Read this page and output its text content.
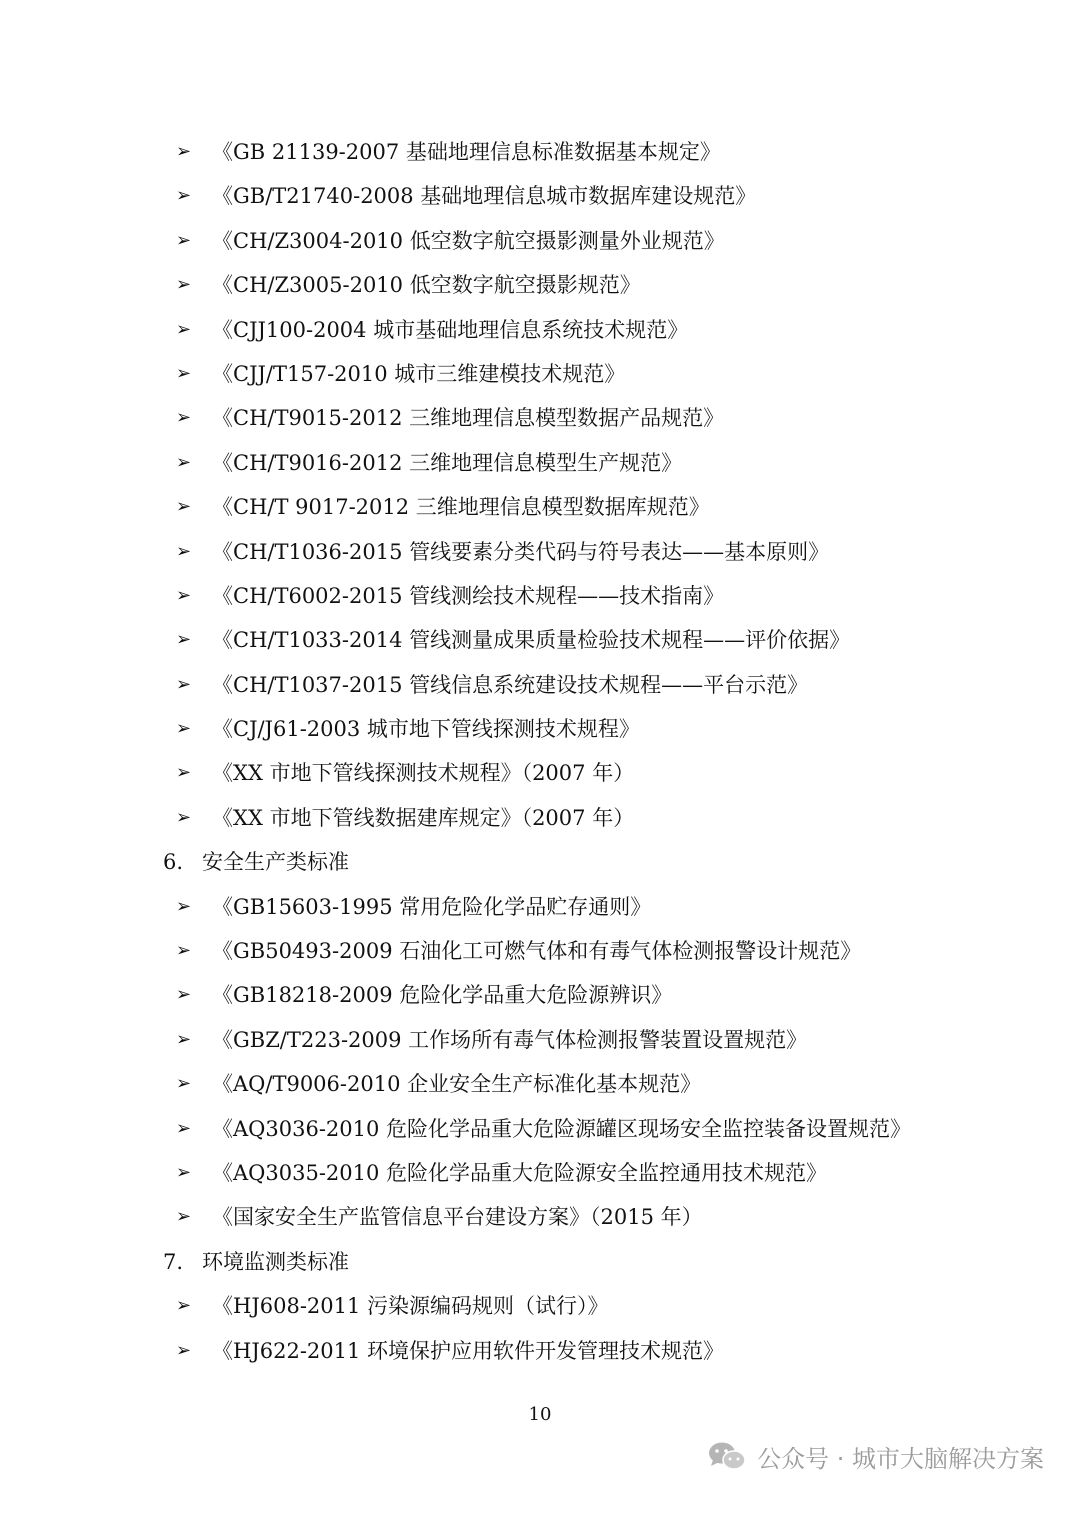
➢ 《GB 21139-2007 基础地理信息标准数据基本规定》
➢ 《GB/T21740-2008 基础地理信息城市数据库建设规范》
➢ 《CH/Z3004-2010 低空数字航空摄影测量外业规范》
➢ 《CH/Z3005-2010 低空数字航空摄影规范》
➢ 《CJJ100-2004 城市基础地理信息系统技术规范》
➢ 《CJJ/T157-2010 城市三维建模技术规范》
➢ 《CH/T9015-2012 三维地理信息模型数据产品规范》
➢ 《CH/T9016-2012 三维地理信息模型生产规范》
➢ 《CH/T 9017-2012 三维地理信息模型数据库规范》
➢ 《CH/T1036-2015 管线要素分类代码与符号表达——基本原则》
➢ 《CH/T6002-2015 管线测绘技术规程——技术指南》
➢ 《CH/T1033-2014 管线测量成果质量检验技术规程——评价依据》
➢ 《CH/T1037-2015 管线信息系统建设技术规程——平台示范》
➢ 《CJ/J61-2003 城市地下管线探测技术规程》
➢ 《XX 市地下管线探测技术规程》（2007 年）
➢ 《XX 市地下管线数据建库规定》（2007 年）
6. 安全生产类标准
➢ 《GB15603-1995 常用危险化学品贮存通则》
➢ 《GB50493-2009 石油化工可燃气体和有毒气体检测报警设计规范》
➢ 《GB18218-2009 危险化学品重大危险源辨识》
➢ 《GBZ/T223-2009 工作场所有毒气体检测报警装置设置规范》
➢ 《AQ/T9006-2010 企业安全生产标准化基本规范》
➢ 《AQ3036-2010 危险化学品重大危险源罐区现场安全监控装备设置规范》
➢ 《AQ3035-2010 危险化学品重大危险源安全监控通用技术规范》
➢ 《国家安全生产监管信息平台建设方案》（2015 年）
7. 环境监测类标准
➢ 《HJ608-2011 污染源编码规则（试行）》
➢ 《HJ622-2011 环境保护应用软件开发管理技术规范》
10
公众号 · 城市大脑解决方案
